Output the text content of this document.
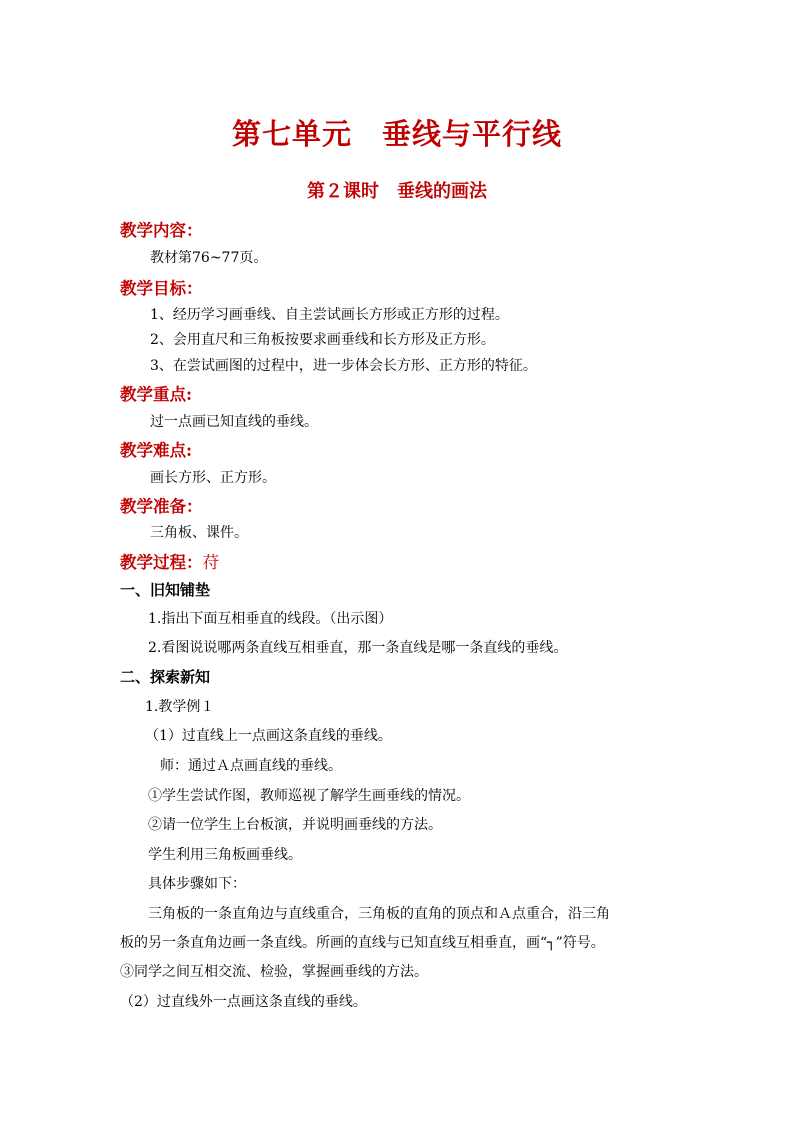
第七单元　垂线与平行线
第２课时　垂线的画法
教学内容：
教材第76~77页。
教学目标：
1、经历学习画垂线、自主尝试画长方形或正方形的过程。
2、会用直尺和三角板按要求画垂线和长方形及正方形。
3、在尝试画图的过程中，进一步体会长方形、正方形的特征。
教学重点:
过一点画已知直线的垂线。
教学难点:
画长方形、正方形。
教学准备：
三角板、课件。
教学过程：苻
一、旧知铺垫
1.指出下面互相垂直的线段。（出示图）
2.看图说说哪两条直线互相垂直，那一条直线是哪一条直线的垂线。
二、探索新知
1.教学例１
（1）过直线上一点画这条直线的垂线。
师：通过Ａ点画直线的垂线。
①学生尝试作图，教师巡视了解学生画垂线的情况。
②请一位学生上台板演，并说明画垂线的方法。
学生利用三角板画垂线。
具体步骤如下：
三角板的一条直角边与直线重合，三角板的直角的顶点和Ａ点重合，沿三角
板的另一条直角边画一条直线。所画的直线与已知直线互相垂直，画“┐”符号。
③同学之间互相交流、检验，掌握画垂线的方法。
（2）过直线外一点画这条直线的垂线。
